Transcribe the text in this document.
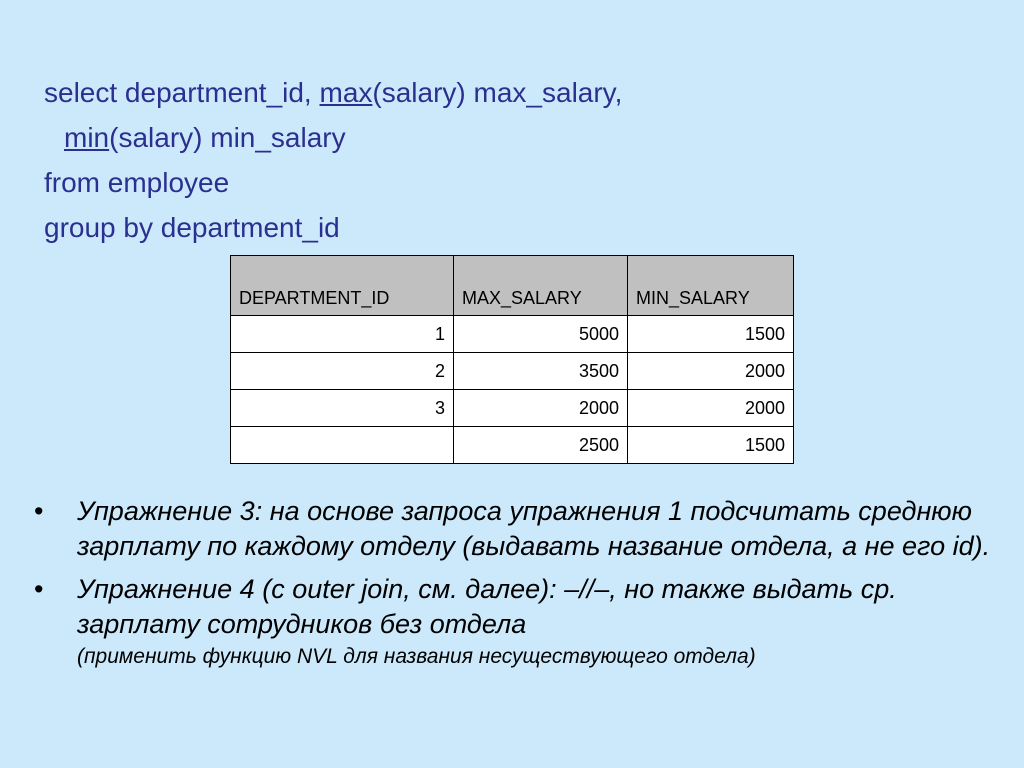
select department_id, max(salary) max_salary,
min(salary) min_salary
from employee
group by department_id
DEPARTMENT_ID	MAX_SALARY	MIN_SALARY
1	5000	1500
2	3500	2000
3	2000	2000
	2500	1500
• Упражнение 3: на основе запроса упражнения 1 подсчитать среднюю зарплату по каждому отделу (выдавать название отдела, а не его id).
• Упражнение 4 (с outer join, см. далее): –//–, но также выдать ср. зарплату сотрудников без отдела
(применить функцию NVL для названия несуществующего отдела)
